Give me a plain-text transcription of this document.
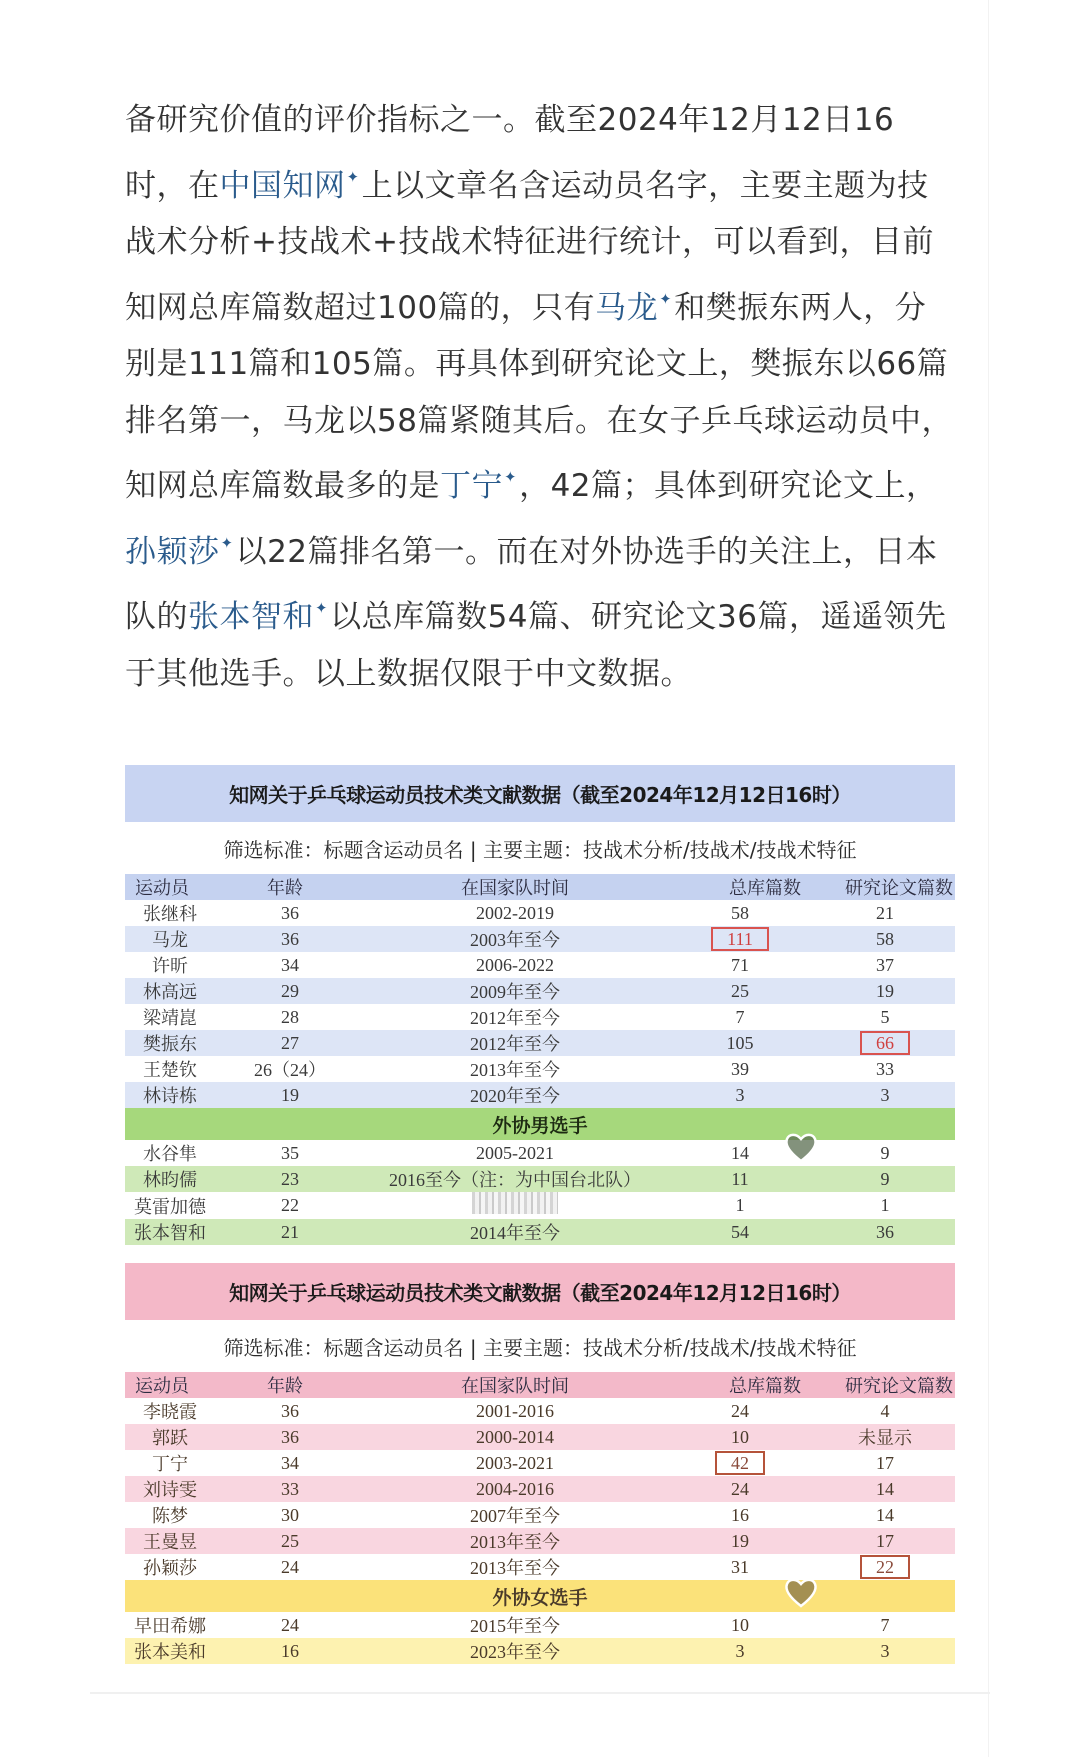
备研究价值的评价指标之一。截至2024年12月12日16时，在中国知网✦上以文章名含运动员名字，主要主题为技战术分析+技战术+技战术特征进行统计，可以看到，目前知网总库篇数超过100篇的，只有马龙✦和樊振东两人，分别是111篇和105篇。再具体到研究论文上，樊振东以66篇排名第一，马龙以58篇紧随其后。在女子乒乓球运动员中，知网总库篇数最多的是丁宁✦，42篇；具体到研究论文上，孙颖莎✦以22篇排名第一。而在对外协选手的关注上，日本队的张本智和✦以总库篇数54篇、研究论文36篇，遥遥领先于其他选手。以上数据仅限于中文数据。

知网关于乒乓球运动员技术类文献数据（截至2024年12月12日16时）
筛选标准：标题含运动员名 | 主要主题：技战术分析/技战术/技战术特征
运动员	年龄	在国家队时间	总库篇数	研究论文篇数
张继科	36	2002-2019	58	21
马龙	36	2003年至今	111	58
许昕	34	2006-2022	71	37
林高远	29	2009年至今	25	19
梁靖崑	28	2012年至今	7	5
樊振东	27	2012年至今	105	66
王楚钦	26（24）	2013年至今	39	33
林诗栋	19	2020年至今	3	3
外协男选手				
水谷隼	35	2005-2021	14	9
林昀儒	23	2016至今（注：为中国台北队）	11	9
莫雷加德	22		1	1
张本智和	21	2014年至今	54	36
知网关于乒乓球运动员技术类文献数据（截至2024年12月12日16时）
筛选标准：标题含运动员名 | 主要主题：技战术分析/技战术/技战术特征
运动员	年龄	在国家队时间	总库篇数	研究论文篇数
李晓霞	36	2001-2016	24	4
郭跃	36	2000-2014	10	未显示
丁宁	34	2003-2021	42	17
刘诗雯	33	2004-2016	24	14
陈梦	30	2007年至今	16	14
王曼昱	25	2013年至今	19	17
孙颖莎	24	2013年至今	31	22
外协女选手				
早田希娜	24	2015年至今	10	7
张本美和	16	2023年至今	3	3
